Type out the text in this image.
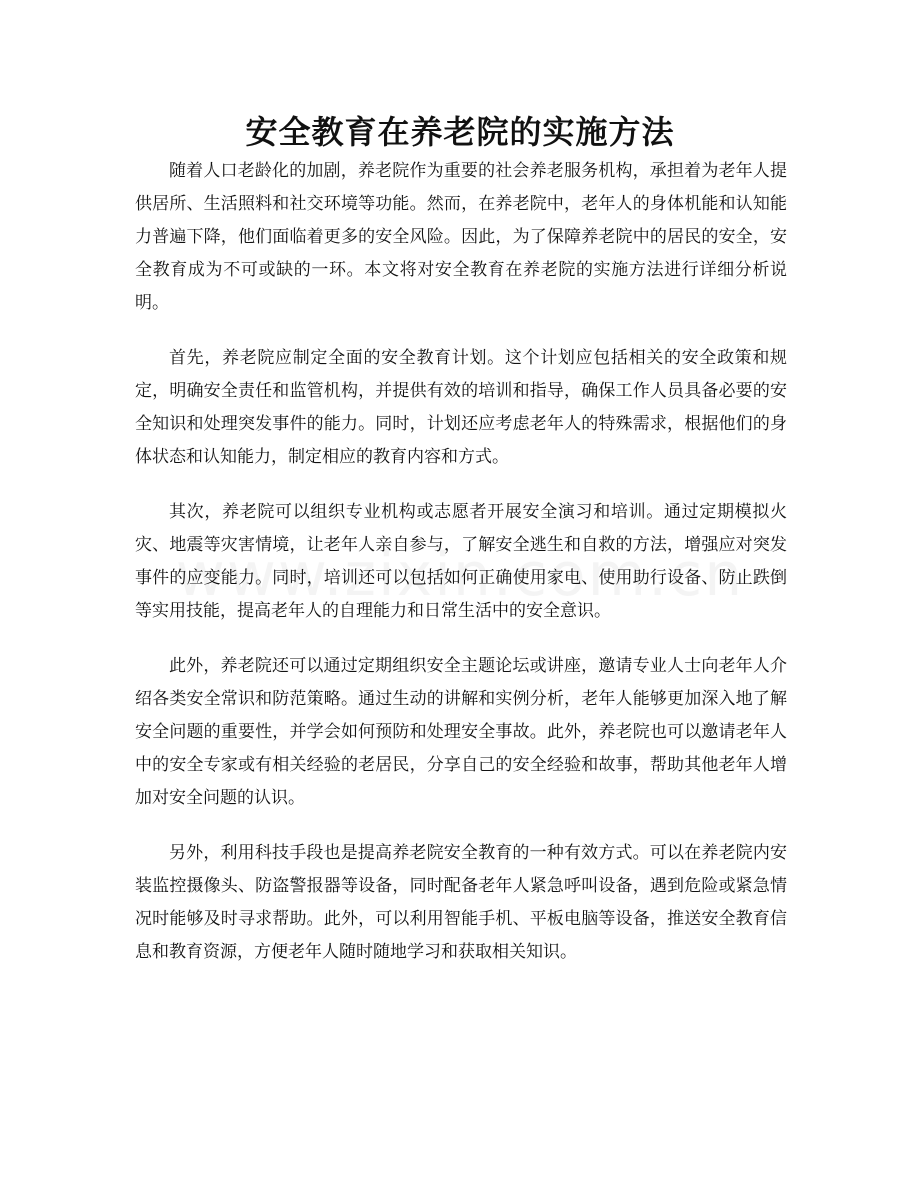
安全教育在养老院的实施方法

随着人口老龄化的加剧，养老院作为重要的社会养老服务机构，承担着为老年人提供居所、生活照料和社交环境等功能。然而，在养老院中，老年人的身体机能和认知能力普遍下降，他们面临着更多的安全风险。因此，为了保障养老院中的居民的安全，安全教育成为不可或缺的一环。本文将对安全教育在养老院的实施方法进行详细分析说明。

首先，养老院应制定全面的安全教育计划。这个计划应包括相关的安全政策和规定，明确安全责任和监管机构，并提供有效的培训和指导，确保工作人员具备必要的安全知识和处理突发事件的能力。同时，计划还应考虑老年人的特殊需求，根据他们的身体状态和认知能力，制定相应的教育内容和方式。

其次，养老院可以组织专业机构或志愿者开展安全演习和培训。通过定期模拟火灾、地震等灾害情境，让老年人亲自参与，了解安全逃生和自救的方法，增强应对突发事件的应变能力。同时，培训还可以包括如何正确使用家电、使用助行设备、防止跌倒等实用技能，提高老年人的自理能力和日常生活中的安全意识。

此外，养老院还可以通过定期组织安全主题论坛或讲座，邀请专业人士向老年人介绍各类安全常识和防范策略。通过生动的讲解和实例分析，老年人能够更加深入地了解安全问题的重要性，并学会如何预防和处理安全事故。此外，养老院也可以邀请老年人中的安全专家或有相关经验的老居民，分享自己的安全经验和故事，帮助其他老年人增加对安全问题的认识。

另外，利用科技手段也是提高养老院安全教育的一种有效方式。可以在养老院内安装监控摄像头、防盗警报器等设备，同时配备老年人紧急呼叫设备，遇到危险或紧急情况时能够及时寻求帮助。此外，可以利用智能手机、平板电脑等设备，推送安全教育信息和教育资源，方便老年人随时随地学习和获取相关知识。
